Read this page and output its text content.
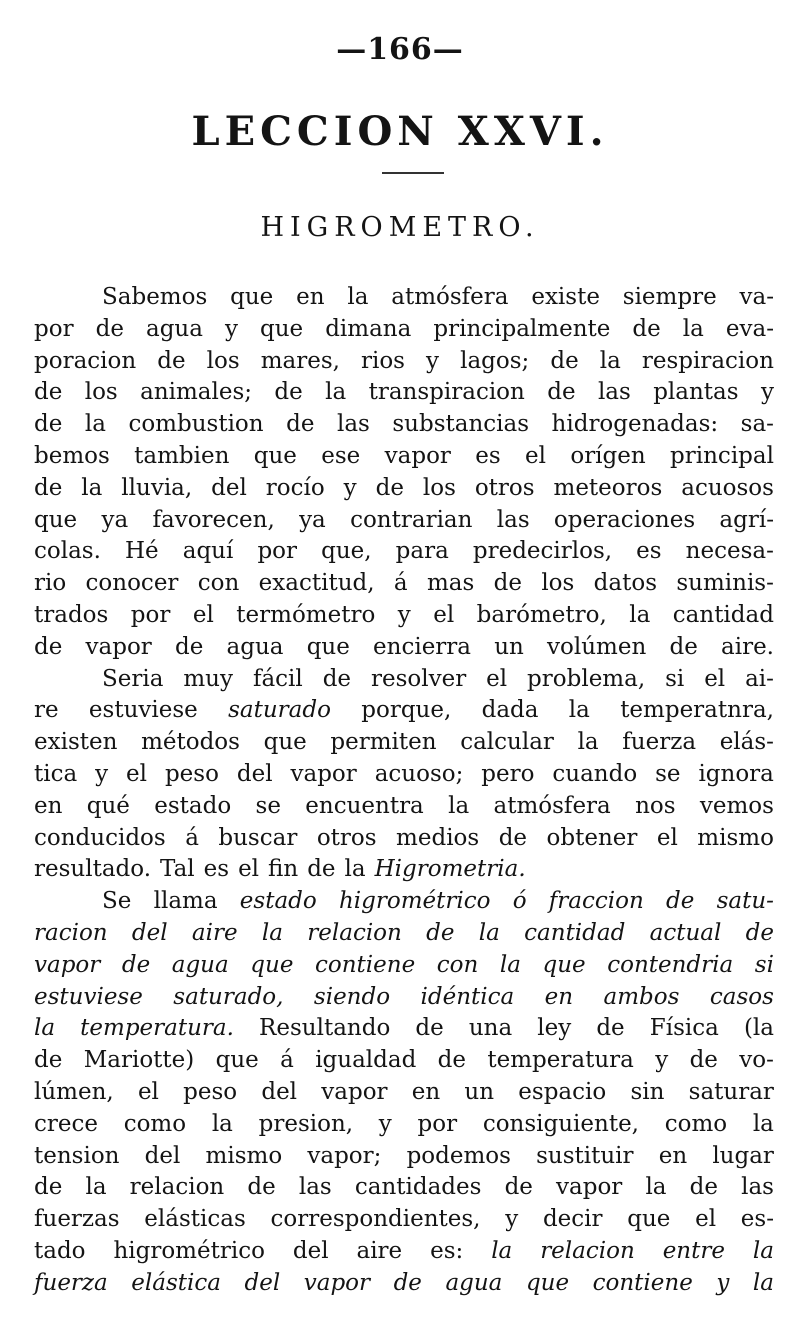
—166—
LECCION XXVI.
HIGROMETRO.
Sabemos que en la atmósfera existe siempre va-
por de agua y que dimana principalmente de la eva-
poracion de los mares, rios y lagos; de la respiracion
de los animales; de la transpiracion de las plantas y
de la combustion de las substancias hidrogenadas: sa-
bemos tambien que ese vapor es el orígen principal
de la lluvia, del rocío y de los otros meteoros acuosos
que ya favorecen, ya contrarian las operaciones agrí-
colas. Hé aquí por que, para predecirlos, es necesa-
rio conocer con exactitud, á mas de los datos suminis-
trados por el termómetro y el barómetro, la cantidad
de vapor de agua que encierra un volúmen de aire.
Seria muy fácil de resolver el problema, si el ai-
re estuviese saturado porque, dada la temperatnra,
existen métodos que permiten calcular la fuerza elás-
tica y el peso del vapor acuoso; pero cuando se ignora
en qué estado se encuentra la atmósfera nos vemos
conducidos á buscar otros medios de obtener el mismo
resultado. Tal es el fin de la Higrometria.
Se llama estado higrométrico ó fraccion de satu-
racion del aire la relacion de la cantidad actual de
vapor de agua que contiene con la que contendria si
estuviese saturado, siendo idéntica en ambos casos
la temperatura. Resultando de una ley de Física (la
de Mariotte) que á igualdad de temperatura y de vo-
lúmen, el peso del vapor en un espacio sin saturar
crece como la presion, y por consiguiente, como la
tension del mismo vapor; podemos sustituir en lugar
de la relacion de las cantidades de vapor la de las
fuerzas elásticas correspondientes, y decir que el es-
tado higrométrico del aire es: la relacion entre la
fuerza elástica del vapor de agua que contiene y la
